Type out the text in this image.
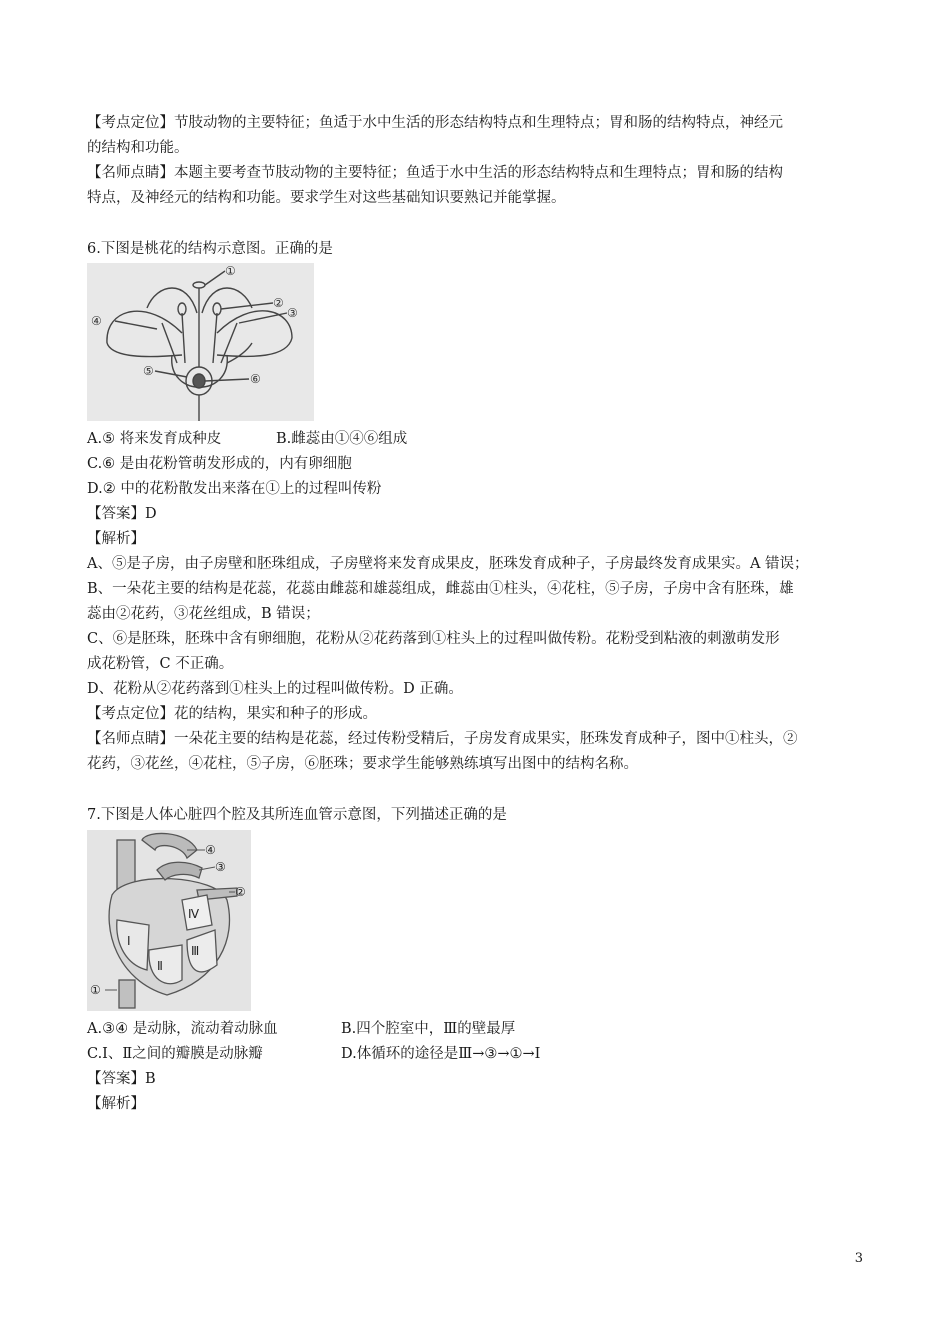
【考点定位】节肢动物的主要特征；鱼适于水中生活的形态结构特点和生理特点；胃和肠的结构特点，神经元
的结构和功能。
【名师点睛】本题主要考查节肢动物的主要特征；鱼适于水中生活的形态结构特点和生理特点；胃和肠的结构
特点，及神经元的结构和功能。要求学生对这些基础知识要熟记并能掌握。
6.下图是桃花的结构示意图。正确的是
①
②
③
④
⑤
⑥
A.⑤ 将来发育成种皮	B.雌蕊由①④⑥组成
C.⑥ 是由花粉管萌发形成的，内有卵细胞
D.② 中的花粉散发出来落在①上的过程叫传粉
【答案】D
【解析】
A、⑤是子房，由子房壁和胚珠组成，子房壁将来发育成果皮，胚珠发育成种子，子房最终发育成果实。A 错误；
B、一朵花主要的结构是花蕊，花蕊由雌蕊和雄蕊组成，雌蕊由①柱头，④花柱，⑤子房，子房中含有胚珠，雄
蕊由②花药，③花丝组成，B 错误；
C、⑥是胚珠，胚珠中含有卵细胞，花粉从②花药落到①柱头上的过程叫做传粉。花粉受到粘液的刺激萌发形
成花粉管，C 不正确。
D、花粉从②花药落到①柱头上的过程叫做传粉。D 正确。
【考点定位】花的结构，果实和种子的形成。
【名师点睛】一朵花主要的结构是花蕊，经过传粉受精后，子房发育成果实，胚珠发育成种子，图中①柱头，②
花药，③花丝，④花柱，⑤子房，⑥胚珠；要求学生能够熟练填写出图中的结构名称。
7.下图是人体心脏四个腔及其所连血管示意图，下列描述正确的是
④
③
②
①
Ⅳ
Ⅰ
Ⅲ
Ⅱ
A.③④ 是动脉，流动着动脉血	B.四个腔室中，Ⅲ的壁最厚
C.Ⅰ、Ⅱ之间的瓣膜是动脉瓣	D.体循环的途径是Ⅲ→③→①→Ⅰ
【答案】B
【解析】
3
